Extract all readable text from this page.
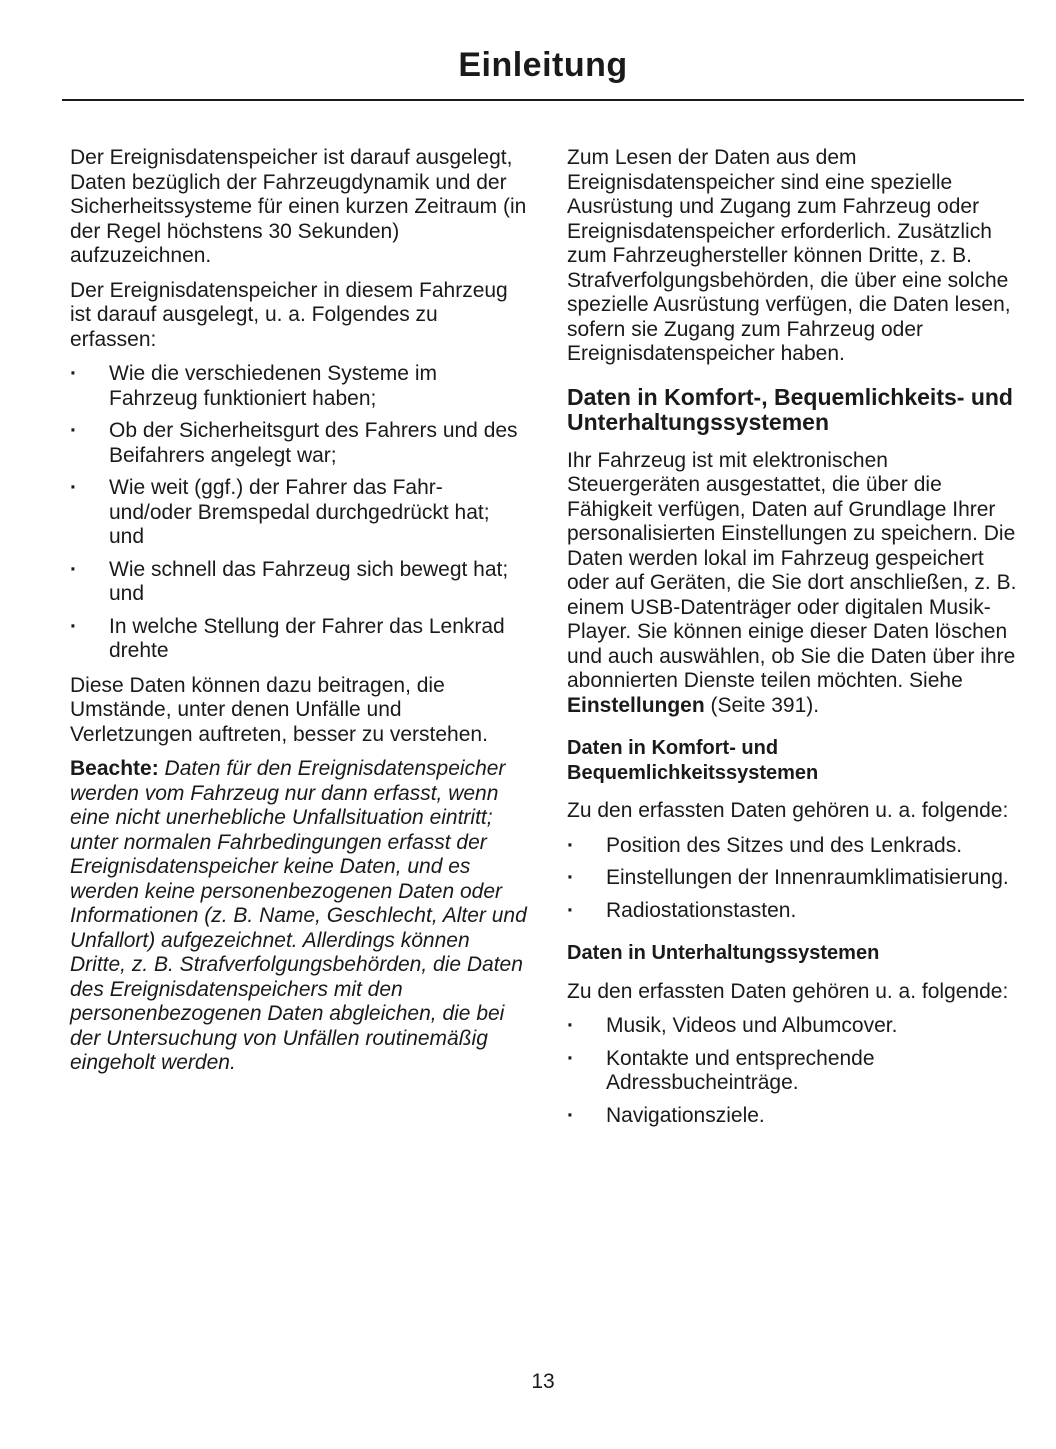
Einleitung

Der Ereignisdatenspeicher ist darauf ausgelegt, Daten bezüglich der Fahrzeugdynamik und der Sicherheitssysteme für einen kurzen Zeitraum (in der Regel höchstens 30 Sekunden) aufzuzeichnen.

Der Ereignisdatenspeicher in diesem Fahrzeug ist darauf ausgelegt, u. a. Folgendes zu erfassen:

· Wie die verschiedenen Systeme im Fahrzeug funktioniert haben;
· Ob der Sicherheitsgurt des Fahrers und des Beifahrers angelegt war;
· Wie weit (ggf.) der Fahrer das Fahr- und/oder Bremspedal durchgedrückt hat; und
· Wie schnell das Fahrzeug sich bewegt hat; und
· In welche Stellung der Fahrer das Lenkrad drehte

Diese Daten können dazu beitragen, die Umstände, unter denen Unfälle und Verletzungen auftreten, besser zu verstehen.

Beachte: Daten für den Ereignisdatenspeicher werden vom Fahrzeug nur dann erfasst, wenn eine nicht unerhebliche Unfallsituation eintritt; unter normalen Fahrbedingungen erfasst der Ereignisdatenspeicher keine Daten, und es werden keine personenbezogenen Daten oder Informationen (z. B. Name, Geschlecht, Alter und Unfallort) aufgezeichnet. Allerdings können Dritte, z. B. Strafverfolgungsbehörden, die Daten des Ereignisdatenspeichers mit den personenbezogenen Daten abgleichen, die bei der Untersuchung von Unfällen routinemäßig eingeholt werden.

Zum Lesen der Daten aus dem Ereignisdatenspeicher sind eine spezielle Ausrüstung und Zugang zum Fahrzeug oder Ereignisdatenspeicher erforderlich. Zusätzlich zum Fahrzeughersteller können Dritte, z. B. Strafverfolgungsbehörden, die über eine solche spezielle Ausrüstung verfügen, die Daten lesen, sofern sie Zugang zum Fahrzeug oder Ereignisdatenspeicher haben.

Daten in Komfort-, Bequemlichkeits- und Unterhaltungssystemen

Ihr Fahrzeug ist mit elektronischen Steuergeräten ausgestattet, die über die Fähigkeit verfügen, Daten auf Grundlage Ihrer personalisierten Einstellungen zu speichern. Die Daten werden lokal im Fahrzeug gespeichert oder auf Geräten, die Sie dort anschließen, z. B. einem USB-Datenträger oder digitalen Musik-Player. Sie können einige dieser Daten löschen und auch auswählen, ob Sie die Daten über ihre abonnierten Dienste teilen möchten. Siehe Einstellungen (Seite 391).

Daten in Komfort- und Bequemlichkeitssystemen

Zu den erfassten Daten gehören u. a. folgende:

· Position des Sitzes und des Lenkrads.
· Einstellungen der Innenraumklimatisierung.
· Radiostationstasten.
Daten in Unterhaltungssystemen

Zu den erfassten Daten gehören u. a. folgende:

· Musik, Videos und Albumcover.
· Kontakte und entsprechende Adressbucheinträge.
· Navigationsziele.
13
